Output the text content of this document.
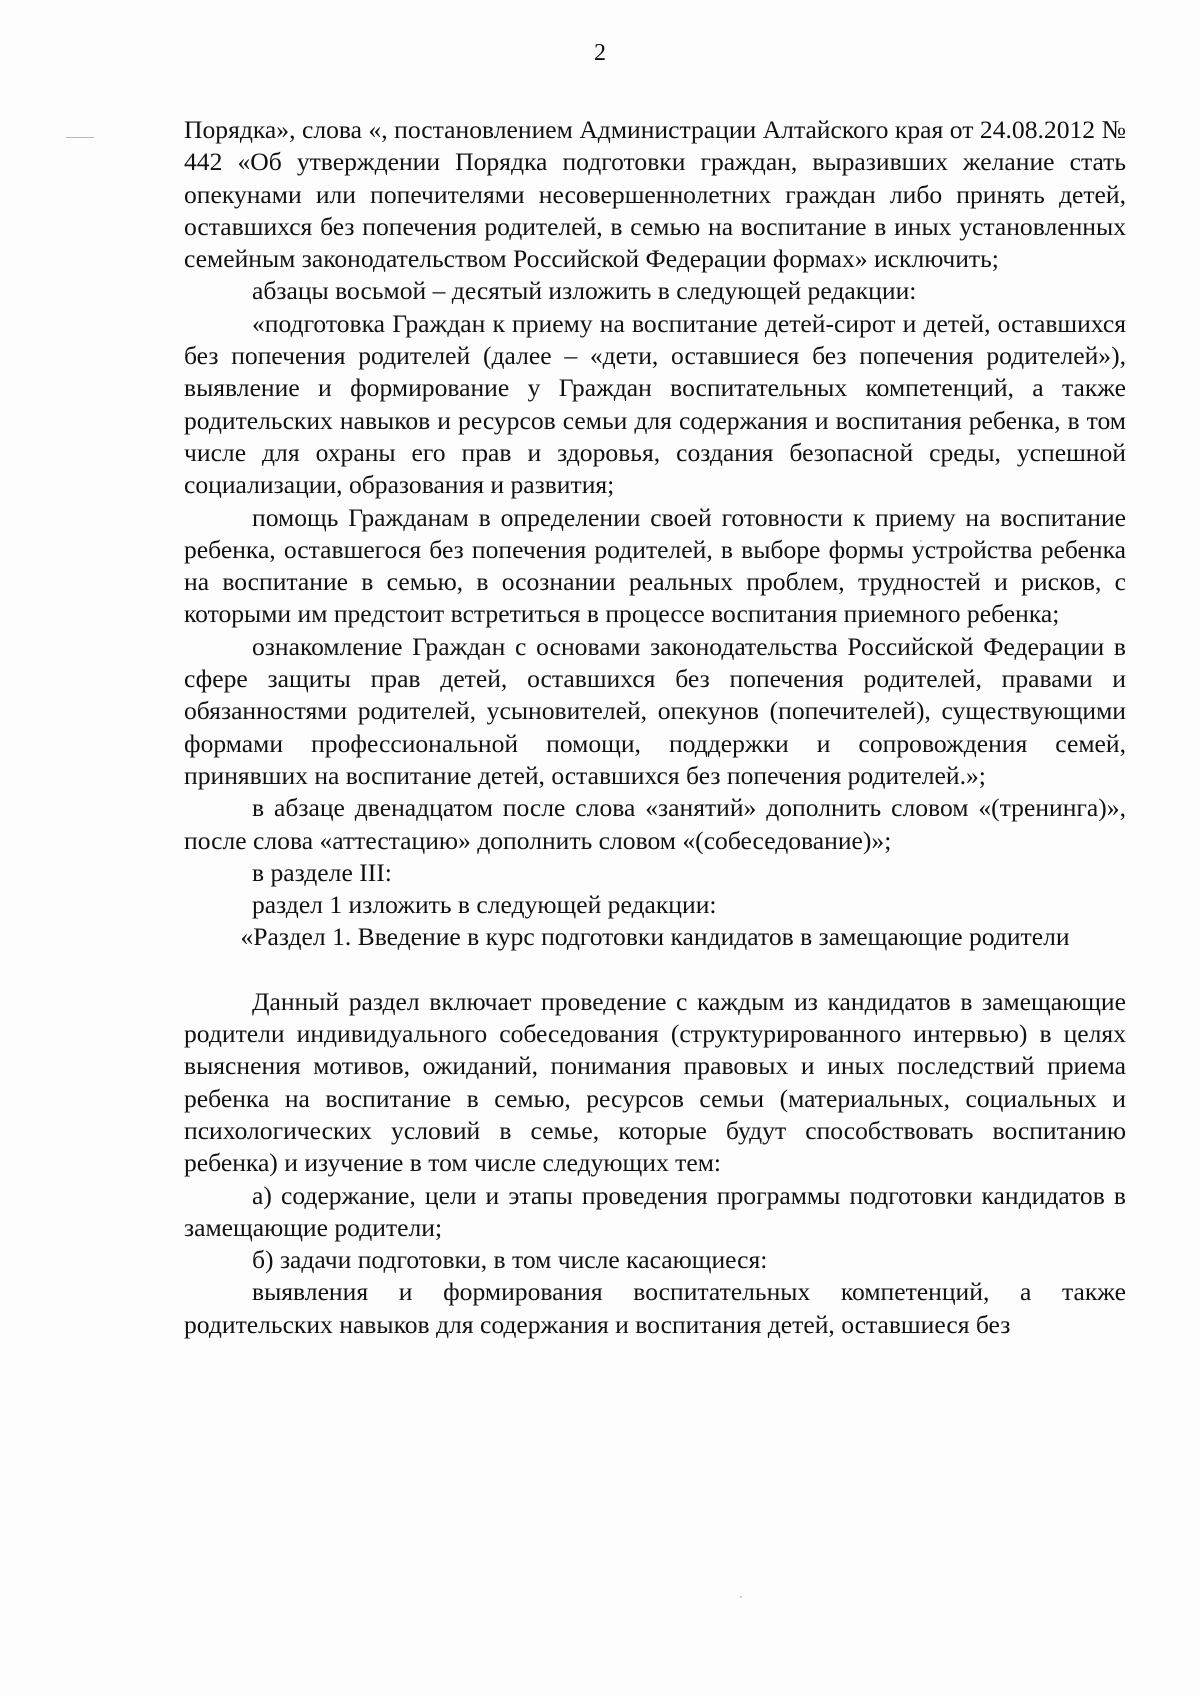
2

Порядка», слова «, постановлением Администрации Алтайского края от 24.08.2012 № 442 «Об утверждении Порядка подготовки граждан, выразивших желание стать опекунами или попечителями несовершеннолетних граждан либо принять детей, оставшихся без попечения родителей, в семью на воспитание в иных установленных семейным законодательством Российской Федерации формах» исключить;

абзацы восьмой – десятый изложить в следующей редакции:

«подготовка Граждан к приему на воспитание детей-сирот и детей, оставшихся без попечения родителей (далее – «дети, оставшиеся без попечения родителей»), выявление и формирование у Граждан воспитательных компетенций, а также родительских навыков и ресурсов семьи для содержания и воспитания ребенка, в том числе для охраны его прав и здоровья, создания безопасной среды, успешной социализации, образования и развития;

помощь Гражданам в определении своей готовности к приему на воспитание ребенка, оставшегося без попечения родителей, в выборе формы устройства ребенка на воспитание в семью, в осознании реальных проблем, трудностей и рисков, с которыми им предстоит встретиться в процессе воспитания приемного ребенка;

ознакомление Граждан с основами законодательства Российской Федерации в сфере защиты прав детей, оставшихся без попечения родителей, правами и обязанностями родителей, усыновителей, опекунов (попечителей), существующими формами профессиональной помощи, поддержки и сопровождения семей, принявших на воспитание детей, оставшихся без попечения родителей.»;

в абзаце двенадцатом после слова «занятий» дополнить словом «(тренинга)», после слова «аттестацию» дополнить словом «(собеседование)»;

в разделе III:

раздел 1 изложить в следующей редакции:

«Раздел 1. Введение в курс подготовки кандидатов в замещающие родители

Данный раздел включает проведение с каждым из кандидатов в замещающие родители индивидуального собеседования (структурированного интервью) в целях выяснения мотивов, ожиданий, понимания правовых и иных последствий приема ребенка на воспитание в семью, ресурсов семьи (материальных, социальных и психологических условий в семье, которые будут способствовать воспитанию ребенка) и изучение в том числе следующих тем:

а) содержание, цели и этапы проведения программы подготовки кандидатов в замещающие родители;

б) задачи подготовки, в том числе касающиеся:

выявления и формирования воспитательных компетенций, а также родительских навыков для содержания и воспитания детей, оставшиеся без
